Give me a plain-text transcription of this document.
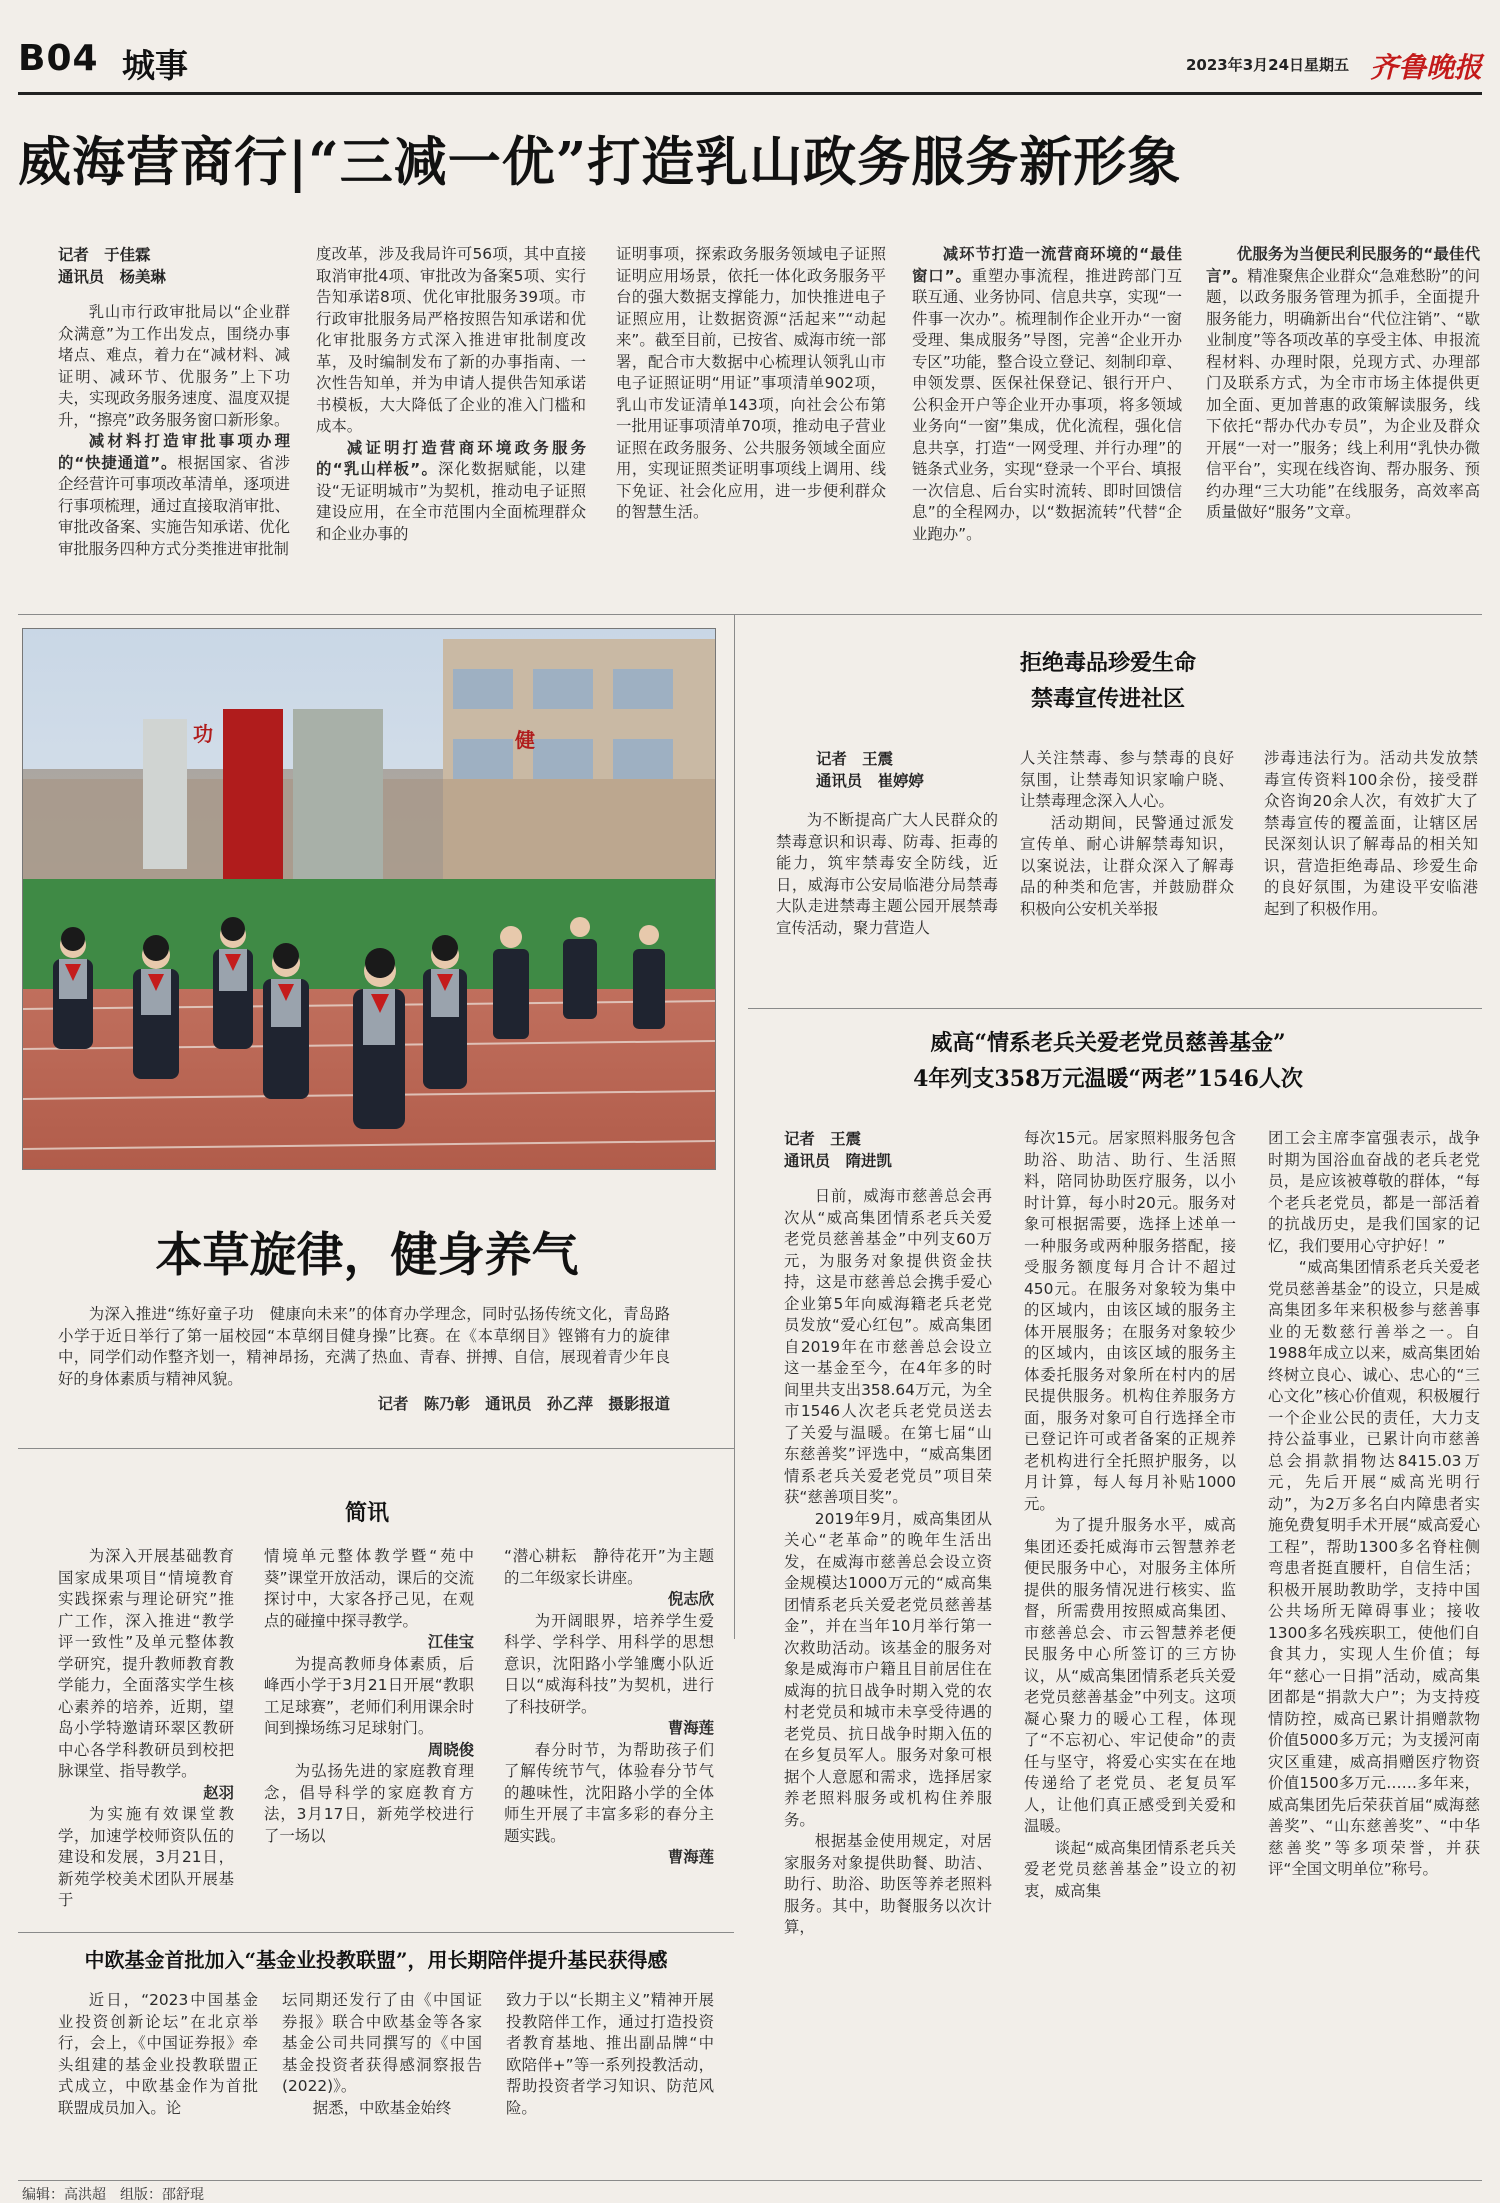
B04 城事	2023年3月24日 星期五 齐鲁晚报
威海营商行|“三减一优”打造乳山政务服务新形象
记者　于佳霖
通讯员　杨美琳

乳山市行政审批局以“企业群众满意”为工作出发点，围绕办事堵点、难点，着力在“减材料、减证明、减环节、优服务”上下功夫，实现政务服务速度、温度双提升，“擦亮”政务服务窗口新形象。

减材料打造审批事项办理的“快捷通道”。根据国家、省涉企经营许可事项改革清单，逐项进行事项梳理，通过直接取消审批、审批改备案、实施告知承诺、优化审批服务四种方式分类推进审批制

度改革，涉及我局许可56项，其中直接取消审批4项、审批改为备案5项、实行告知承诺8项、优化审批服务39项。市行政审批服务局严格按照告知承诺和优化审批服务方式深入推进审批制度改革，及时编制发布了新的办事指南、一次性告知单，并为申请人提供告知承诺书模板，大大降低了企业的准入门槛和成本。

减证明打造营商环境政务服务的“乳山样板”。深化数据赋能，以建设“无证明城市”为契机，推动电子证照建设应用，在全市范围内全面梳理群众和企业办事的

证明事项，探索政务服务领域电子证照证明应用场景，依托一体化政务服务平台的强大数据支撑能力，加快推进电子证照应用，让数据资源“活起来”“动起来”。截至目前，已按省、威海市统一部署，配合市大数据中心梳理认领乳山市电子证照证明“用证”事项清单902项，乳山市发证清单143项，向社会公布第一批用证事项清单70项，推动电子营业证照在政务服务、公共服务领域全面应用，实现证照类证明事项线上调用、线下免证、社会化应用，进一步便利群众的智慧生活。

减环节打造一流营商环境的“最佳窗口”。重塑办事流程，推进跨部门互联互通、业务协同、信息共享，实现“一件事一次办”。梳理制作企业开办“一窗受理、集成服务”导图，完善“企业开办专区”功能，整合设立登记、刻制印章、申领发票、医保社保登记、银行开户、公积金开户等企业开办事项，将多领域业务向“一窗”集成，优化流程，强化信息共享，打造“一网受理、并行办理”的链条式业务，实现“登录一个平台、填报一次信息、后台实时流转、即时回馈信息”的全程网办，以“数据流转”代替“企业跑办”。

优服务为当便民利民服务的“最佳代言”。精准聚焦企业群众“急难愁盼”的问题，以政务服务管理为抓手，全面提升服务能力，明确新出台“代位注销”、“歇业制度”等各项改革的享受主体、申报流程材料、办理时限，兑现方式、办理部门及联系方式，为全市市场主体提供更加全面、更加普惠的政策解读服务，线下依托“帮办代办专员”，为企业及群众开展“一对一”服务；线上利用“乳快办微信平台”，实现在线咨询、帮办服务、预约办理“三大功能”在线服务，高效率高质量做好“服务”文章。

功	健
本草旋律，健身养气

为深入推进“练好童子功　健康向未来”的体育办学理念，同时弘扬传统文化，青岛路小学于近日举行了第一届校园“本草纲目健身操”比赛。在《本草纲目》铿锵有力的旋律中，同学们动作整齐划一，精神昂扬，充满了热血、青春、拼搏、自信，展现着青少年良好的身体素质与精神风貌。

记者　陈乃彰　通讯员　孙乙萍　摄影报道

拒绝毒品珍爱生命
禁毒宣传进社区
记者　王震
通讯员　崔婷婷

为不断提高广大人民群众的禁毒意识和识毒、防毒、拒毒的能力，筑牢禁毒安全防线，近日，威海市公安局临港分局禁毒大队走进禁毒主题公园开展禁毒宣传活动，聚力营造人

人关注禁毒、参与禁毒的良好氛围，让禁毒知识家喻户晓、让禁毒理念深入人心。

活动期间，民警通过派发宣传单、耐心讲解禁毒知识，以案说法，让群众深入了解毒品的种类和危害，并鼓励群众积极向公安机关举报

涉毒违法行为。活动共发放禁毒宣传资料100余份，接受群众咨询20余人次，有效扩大了禁毒宣传的覆盖面，让辖区居民深刻认识了解毒品的相关知识，营造拒绝毒品、珍爱生命的良好氛围，为建设平安临港起到了积极作用。

威高“情系老兵关爱老党员慈善基金”
4年列支358万元温暖“两老”1546人次
记者　王震
通讯员　隋进凯

日前，威海市慈善总会再次从“威高集团情系老兵关爱老党员慈善基金”中列支60万元，为服务对象提供资金扶持，这是市慈善总会携手爱心企业第5年向威海籍老兵老党员发放“爱心红包”。威高集团自2019年在市慈善总会设立这一基金至今，在4年多的时间里共支出358.64万元，为全市1546人次老兵老党员送去了关爱与温暖。在第七届“山东慈善奖”评选中，“威高集团情系老兵关爱老党员”项目荣获“慈善项目奖”。

2019年9月，威高集团从关心“老革命”的晚年生活出发，在威海市慈善总会设立资金规模达1000万元的“威高集团情系老兵关爱老党员慈善基金”，并在当年10月举行第一次救助活动。该基金的服务对象是威海市户籍且目前居住在威海的抗日战争时期入党的农村老党员和城市未享受待遇的老党员、抗日战争时期入伍的在乡复员军人。服务对象可根据个人意愿和需求，选择居家养老照料服务或机构住养服务。

根据基金使用规定，对居家服务对象提供助餐、助洁、助行、助浴、助医等养老照料服务。其中，助餐服务以次计算，

每次15元。居家照料服务包含助浴、助洁、助行、生活照料，陪同协助医疗服务，以小时计算，每小时20元。服务对象可根据需要，选择上述单一一种服务或两种服务搭配，接受服务额度每月合计不超过450元。在服务对象较为集中的区域内，由该区域的服务主体开展服务；在服务对象较少的区域内，由该区域的服务主体委托服务对象所在村内的居民提供服务。机构住养服务方面，服务对象可自行选择全市已登记许可或者备案的正规养老机构进行全托照护服务，以月计算，每人每月补贴1000元。

为了提升服务水平，威高集团还委托威海市云智慧养老便民服务中心，对服务主体所提供的服务情况进行核实、监督，所需费用按照威高集团、市慈善总会、市云智慧养老便民服务中心所签订的三方协议，从“威高集团情系老兵关爱老党员慈善基金”中列支。这项凝心聚力的暖心工程，体现了“不忘初心、牢记使命”的责任与坚守，将爱心实实在在地传递给了老党员、老复员军人，让他们真正感受到关爱和温暖。

谈起“威高集团情系老兵关爱老党员慈善基金”设立的初衷，威高集

团工会主席李富强表示，战争时期为国浴血奋战的老兵老党员，是应该被尊敬的群体，“每个老兵老党员，都是一部活着的抗战历史，是我们国家的记忆，我们要用心守护好！”

“威高集团情系老兵关爱老党员慈善基金”的设立，只是威高集团多年来积极参与慈善事业的无数慈行善举之一。自1988年成立以来，威高集团始终树立良心、诚心、忠心的“三心文化”核心价值观，积极履行一个企业公民的责任，大力支持公益事业，已累计向市慈善总会捐款捐物达8415.03万元，先后开展“威高光明行动”，为2万多名白内障患者实施免费复明手术开展“威高爱心工程”，帮助1300多名脊柱侧弯患者挺直腰杆，自信生活；积极开展助教助学，支持中国公共场所无障碍事业；接收1300多名残疾职工，使他们自食其力，实现人生价值；每年“慈心一日捐”活动，威高集团都是“捐款大户”；为支持疫情防控，威高已累计捐赠款物价值5000多万元；为支援河南灾区重建，威高捐赠医疗物资价值1500多万元……多年来，威高集团先后荣获首届“威海慈善奖”、“山东慈善奖”、“中华慈善奖”等多项荣誉，并获评“全国文明单位”称号。

简讯

为深入开展基础教育国家成果项目“情境教育实践探索与理论研究”推广工作，深入推进“教学评一致性”及单元整体教学研究，提升教师教育教学能力，全面落实学生核心素养的培养，近期，望岛小学特邀请环翠区教研中心各学科教研员到校把脉课堂、指导教学。

赵羽

为实施有效课堂教学，加速学校师资队伍的建设和发展，3月21日，新苑学校美术团队开展基于

情境单元整体教学暨“苑中葵”课堂开放活动，课后的交流探讨中，大家各抒己见，在观点的碰撞中探寻教学。

江佳宝

为提高教师身体素质，后峰西小学于3月21日开展“教职工足球赛”，老师们利用课余时间到操场练习足球射门。

周晓俊

为弘扬先进的家庭教育理念，倡导科学的家庭教育方法，3月17日，新苑学校进行了一场以

“潜心耕耘　静待花开”为主题的二年级家长讲座。

倪志欣

为开阔眼界，培养学生爱科学、学科学、用科学的思想意识，沈阳路小学雏鹰小队近日以“威海科技”为契机，进行了科技研学。

曹海莲

春分时节，为帮助孩子们了解传统节气，体验春分节气的趣味性，沈阳路小学的全体师生开展了丰富多彩的春分主题实践。

曹海莲

中欧基金首批加入“基金业投教联盟”，用长期陪伴提升基民获得感

近日，“2023中国基金业投资创新论坛”在北京举行，会上，《中国证券报》牵头组建的基金业投教联盟正式成立，中欧基金作为首批联盟成员加入。论

坛同期还发行了由《中国证券报》联合中欧基金等各家基金公司共同撰写的《中国基金投资者获得感洞察报告(2022)》。

据悉，中欧基金始终

致力于以“长期主义”精神开展投教陪伴工作，通过打造投资者教育基地、推出副品牌“中欧陪伴+”等一系列投教活动，帮助投资者学习知识、防范风险。

编辑：高洪超　组版：邵舒琨
